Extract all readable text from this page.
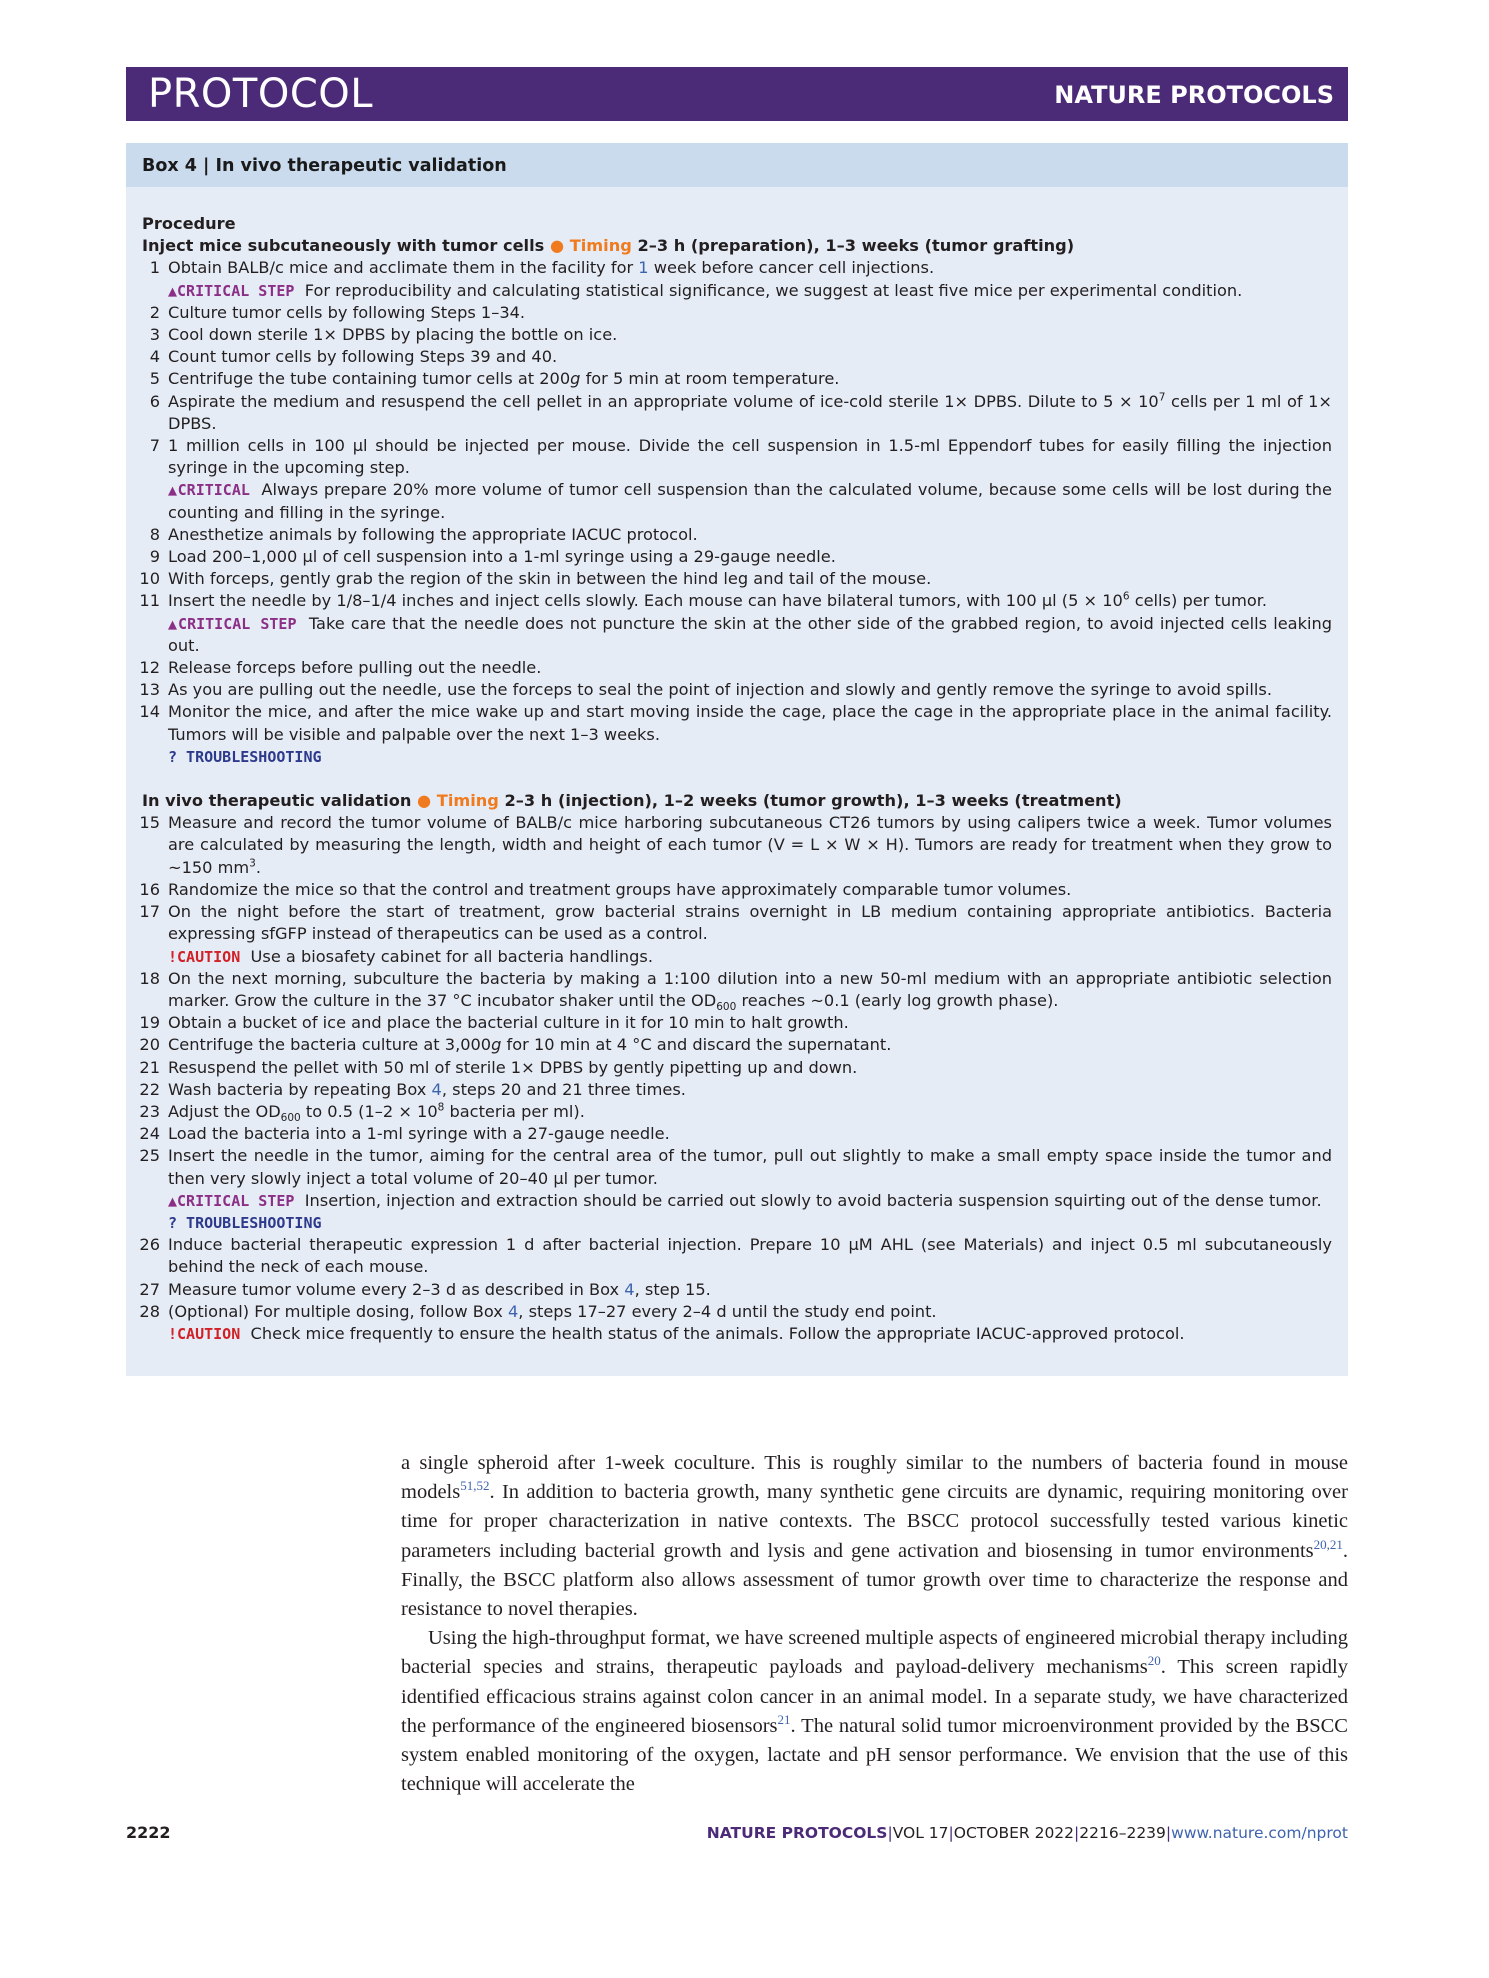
PROTOCOL	NATURE PROTOCOLS
Box 4 | In vivo therapeutic validation
Procedure
Inject mice subcutaneously with tumor cells ● Timing 2–3 h (preparation), 1–3 weeks (tumor grafting)
1 Obtain BALB/c mice and acclimate them in the facility for 1 week before cancer cell injections.
▲CRITICAL STEP For reproducibility and calculating statistical significance, we suggest at least five mice per experimental condition.
2 Culture tumor cells by following Steps 1–34.
3 Cool down sterile 1× DPBS by placing the bottle on ice.
4 Count tumor cells by following Steps 39 and 40.
5 Centrifuge the tube containing tumor cells at 200g for 5 min at room temperature.
6 Aspirate the medium and resuspend the cell pellet in an appropriate volume of ice-cold sterile 1× DPBS. Dilute to $5 \times 10^7$ cells per 1 ml of 1× DPBS.
7 1 million cells in 100 µl should be injected per mouse. Divide the cell suspension in 1.5-ml Eppendorf tubes for easily filling the injection syringe in the upcoming step.
▲CRITICAL Always prepare 20% more volume of tumor cell suspension than the calculated volume, because some cells will be lost during the counting and filling in the syringe.
8 Anesthetize animals by following the appropriate IACUC protocol.
9 Load 200–1,000 µl of cell suspension into a 1-ml syringe using a 29-gauge needle.
10 With forceps, gently grab the region of the skin in between the hind leg and tail of the mouse.
11 Insert the needle by 1/8–1/4 inches and inject cells slowly. Each mouse can have bilateral tumors, with 100 µl ($5 \times 10^6$ cells) per tumor.
▲CRITICAL STEP Take care that the needle does not puncture the skin at the other side of the grabbed region, to avoid injected cells leaking out.
12 Release forceps before pulling out the needle.
13 As you are pulling out the needle, use the forceps to seal the point of injection and slowly and gently remove the syringe to avoid spills.
14 Monitor the mice, and after the mice wake up and start moving inside the cage, place the cage in the appropriate place in the animal facility. Tumors will be visible and palpable over the next 1–3 weeks.
? TROUBLESHOOTING
In vivo therapeutic validation ● Timing 2–3 h (injection), 1–2 weeks (tumor growth), 1–3 weeks (treatment)
15 Measure and record the tumor volume of BALB/c mice harboring subcutaneous CT26 tumors by using calipers twice a week. Tumor volumes are calculated by measuring the length, width and height of each tumor (V = L × W × H). Tumors are ready for treatment when they grow to ~150 $mm^3$.
16 Randomize the mice so that the control and treatment groups have approximately comparable tumor volumes.
17 On the night before the start of treatment, grow bacterial strains overnight in LB medium containing appropriate antibiotics. Bacteria expressing sfGFP instead of therapeutics can be used as a control.
!CAUTION Use a biosafety cabinet for all bacteria handlings.
18 On the next morning, subculture the bacteria by making a 1:100 dilution into a new 50-ml medium with an appropriate antibiotic selection marker. Grow the culture in the 37 °C incubator shaker until the $OD_{600}$ reaches ~0.1 (early log growth phase).
19 Obtain a bucket of ice and place the bacterial culture in it for 10 min to halt growth.
20 Centrifuge the bacteria culture at 3,000g for 10 min at 4 °C and discard the supernatant.
21 Resuspend the pellet with 50 ml of sterile 1× DPBS by gently pipetting up and down.
22 Wash bacteria by repeating Box 4, steps 20 and 21 three times.
23 Adjust the $OD_{600}$ to 0.5 ($1-2 \times 10^8$ bacteria per ml).
24 Load the bacteria into a 1-ml syringe with a 27-gauge needle.
25 Insert the needle in the tumor, aiming for the central area of the tumor, pull out slightly to make a small empty space inside the tumor and then very slowly inject a total volume of 20–40 µl per tumor.
▲CRITICAL STEP Insertion, injection and extraction should be carried out slowly to avoid bacteria suspension squirting out of the dense tumor.
? TROUBLESHOOTING
26 Induce bacterial therapeutic expression 1 d after bacterial injection. Prepare 10 µM AHL (see Materials) and inject 0.5 ml subcutaneously behind the neck of each mouse.
27 Measure tumor volume every 2–3 d as described in Box 4, step 15.
28 (Optional) For multiple dosing, follow Box 4, steps 17–27 every 2–4 d until the study end point.
!CAUTION Check mice frequently to ensure the health status of the animals. Follow the appropriate IACUC-approved protocol.

a single spheroid after 1-week coculture. This is roughly similar to the numbers of bacteria found in mouse models$^{51,52}$. In addition to bacteria growth, many synthetic gene circuits are dynamic, requiring monitoring over time for proper characterization in native contexts. The BSCC protocol successfully tested various kinetic parameters including bacterial growth and lysis and gene activation and biosensing in tumor environments$^{20,21}$. Finally, the BSCC platform also allows assessment of tumor growth over time to characterize the response and resistance to novel therapies.

Using the high-throughput format, we have screened multiple aspects of engineered microbial therapy including bacterial species and strains, therapeutic payloads and payload-delivery mechanisms$^{20}$. This screen rapidly identified efficacious strains against colon cancer in an animal model. In a separate study, we have characterized the performance of the engineered biosensors$^{21}$. The natural solid tumor microenvironment provided by the BSCC system enabled monitoring of the oxygen, lactate and pH sensor performance. We envision that the use of this technique will accelerate the

2222	NATURE PROTOCOLS|VOL 17|OCTOBER 2022|2216–2239|www.nature.com/nprot
